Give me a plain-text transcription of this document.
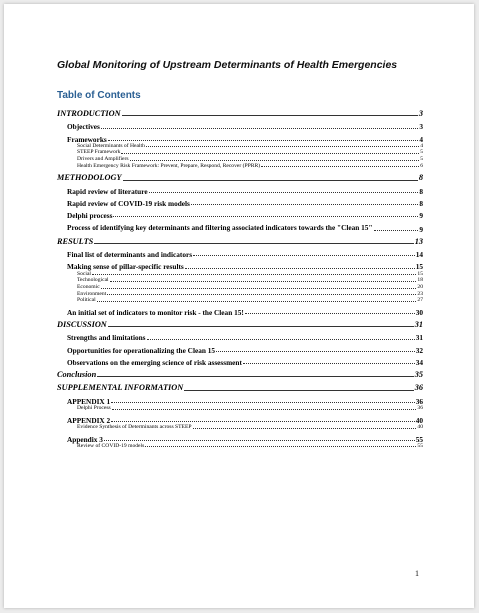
Global Monitoring of Upstream Determinants of Health Emergencies
Table of Contents
INTRODUCTION	3
Objectives	3
Frameworks	4
Social Determinants of Health	4
STEEP Framework	5
Drivers and Amplifiers	5
Health Emergency Risk Framework: Prevent, Prepare, Respond, Recover (PPRR)	6
METHODOLOGY	8
Rapid review of literature	8
Rapid review of COVID-19 risk models	8
Delphi process	9
Process of identifying key determinants and filtering associated indicators towards the "Clean 15"	9
RESULTS	13
Final list of determinants and indicators	14
Making sense of pillar-specific results	15
Social	15
Technological	18
Economic	20
Environment	23
Political	27
An initial set of indicators to monitor risk - the Clean 15!	30
DISCUSSION	31
Strengths and limitations	31
Opportunities for operationalizing the Clean 15	32
Observations on the emerging science of risk assessment	34
Conclusion	35
SUPPLEMENTAL INFORMATION	36
APPENDIX 1	36
Delphi Process	36
APPENDIX 2	40
Evidence Synthesis of Determinants across STEEP	40
Appendix 3	55
Review of COVID-19 models	55
1
